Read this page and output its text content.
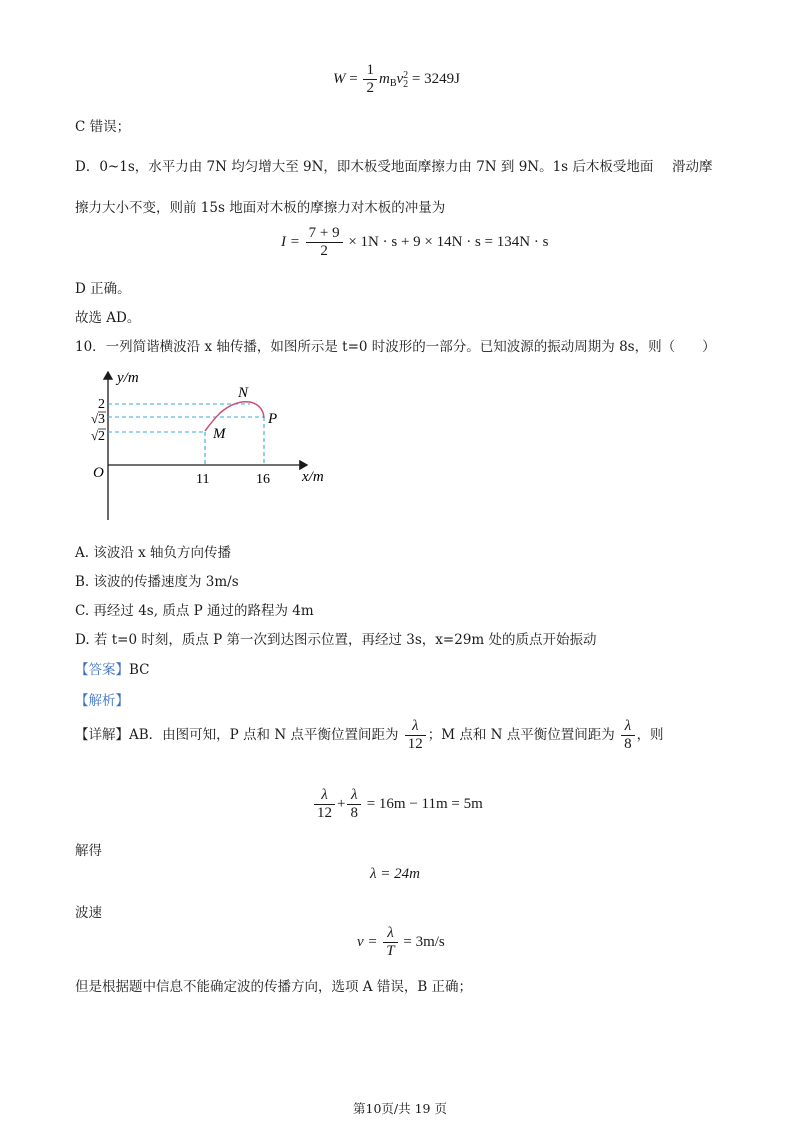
$W = \frac{1}{2} m_Bv$ 2
2 = 3249J
C 错误；
D．0~1s，水平力由 7N 均匀增大至 9N，即木板受地面摩擦力由 7N 到 9N。1s 后木板受地面 滑动摩
擦力大小不变，则前 15s 地面对木板的摩擦力对木板的冲量为
$I = \frac{7 + 9}{2} \times 1N \cdot s + 9 \times 14N \cdot s = 134N \cdot s$
D 正确。
故选 AD。
10．一列简谐横波沿 x 轴传播，如图所示是 t=0 时波形的一部分。已知波源的振动周期为 8s，则（　　）
y/m
x/m
O
2
√ 3
√ 2
11	16
N
M
P
A. 该波沿 x 轴负方向传播
B. 该波的传播速度为 3m/s
C. 再经过 4s, 质点 P 通过的路程为 4m
D. 若 t=0 时刻，质点 P 第一次到达图示位置，再经过 3s，x=29m 处的质点开始振动
【答案】BC
【解析】
【详解】AB．由图可知，P 点和 N 点平衡位置间距为 $\frac{\lambda}{12}$ ；M 点和 N 点平衡位置间距为 $\frac{\lambda}{8}$ ，则
$\frac{\lambda}{12} + \frac{\lambda}{8} = 16m - 11m = 5m$
解得
λ = 24m
波速
$v = \frac{\lambda}{T} = 3m/s$
但是根据题中信息不能确定波的传播方向，选项 A 错误，B 正确；
第10页/共 19 页
